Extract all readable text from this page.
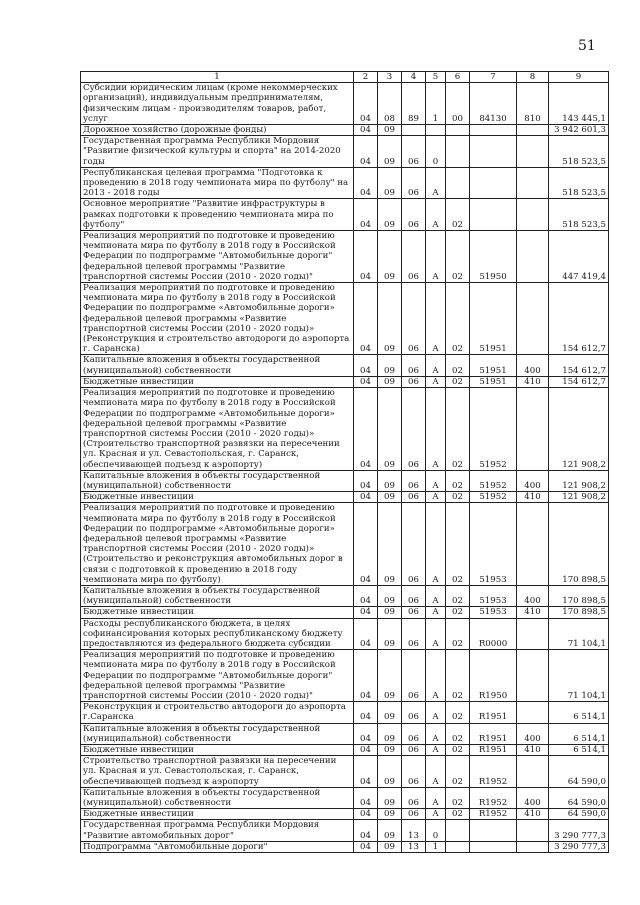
51
1	2	3	4	5	6	7	8	9
Субсидии юридическим лицам (кроме некоммерческих организаций), индивидуальным предпринимателям, физическим лицам - производителям товаров, работ, услуг	04	08	89	1	00	84130	810	143 445,1
Дорожное хозяйство (дорожные фонды)	04	09						3 942 601,3
Государственная программа Республики Мордовия "Развитие физической культуры и спорта" на 2014-2020 годы	04	09	06	0				518 523,5
Республиканская целевая программа "Подготовка к проведению в 2018 году чемпионата мира по футболу" на 2013 - 2018 годы	04	09	06	А				518 523,5
Основное мероприятие "Развитие инфраструктуры в рамках подготовки к проведению чемпионата мира по футболу"	04	09	06	А	02			518 523,5
Реализация мероприятий по подготовке и проведению чемпионата мира по футболу в 2018 году в Российской Федерации по подпрограмме "Автомобильные дороги" федеральной целевой программы "Развитие транспортной системы России (2010 - 2020 годы)"	04	09	06	А	02	51950		447 419,4
Реализация мероприятий по подготовке и проведению чемпионата мира по футболу в 2018 году в Российской Федерации по подпрограмме «Автомобильные дороги» федеральной целевой программы «Развитие транспортной системы России (2010 - 2020 годы)» (Реконструкция и строительство автодороги до аэропорта г. Саранска)	04	09	06	А	02	51951		154 612,7
Капитальные вложения в объекты государственной (муниципальной) собственности	04	09	06	А	02	51951	400	154 612,7
Бюджетные инвестиции	04	09	06	А	02	51951	410	154 612,7
Реализация мероприятий по подготовке и проведению чемпионата мира по футболу в 2018 году в Российской Федерации по подпрограмме «Автомобильные дороги» федеральной целевой программы «Развитие транспортной системы России (2010 - 2020 годы)» (Строительство транспортной развязки на пересечении ул. Красная и ул. Севастопольская, г. Саранск, обеспечивающей подъезд к аэропорту)	04	09	06	А	02	51952		121 908,2
Капитальные вложения в объекты государственной (муниципальной) собственности	04	09	06	А	02	51952	400	121 908,2
Бюджетные инвестиции	04	09	06	А	02	51952	410	121 908,2
Реализация мероприятий по подготовке и проведению чемпионата мира по футболу в 2018 году в Российской Федерации по подпрограмме «Автомобильные дороги» федеральной целевой программы «Развитие транспортной системы России (2010 - 2020 годы)» (Строительство и реконструкция автомобильных дорог в связи с подготовкой к проведению в 2018 году чемпионата мира по футболу)	04	09	06	А	02	51953		170 898,5
Капитальные вложения в объекты государственной (муниципальной) собственности	04	09	06	А	02	51953	400	170 898,5
Бюджетные инвестиции	04	09	06	А	02	51953	410	170 898,5
Расходы республиканского бюджета, в целях софинансирования которых республиканскому бюджету предоставляются из федерального бюджета субсидии	04	09	06	А	02	R0000		71 104,1
Реализация мероприятий по подготовке и проведению чемпионата мира по футболу в 2018 году в Российской Федерации по подпрограмме "Автомобильные дороги" федеральной целевой программы "Развитие транспортной системы России (2010 - 2020 годы)"	04	09	06	А	02	R1950		71 104,1
Реконструкция и строительство автодороги до аэропорта г.Саранска	04	09	06	А	02	R1951		6 514,1
Капитальные вложения в объекты государственной (муниципальной) собственности	04	09	06	А	02	R1951	400	6 514,1
Бюджетные инвестиции	04	09	06	А	02	R1951	410	6 514,1
Строительство транспортной развязки на пересечении ул. Красная и ул. Севастопольская, г. Саранск, обеспечивающей подъезд к аэропорту	04	09	06	А	02	R1952		64 590,0
Капитальные вложения в объекты государственной (муниципальной) собственности	04	09	06	А	02	R1952	400	64 590,0
Бюджетные инвестиции	04	09	06	А	02	R1952	410	64 590,0
Государственная программа Республики Мордовия "Развитие автомобильных дорог"	04	09	13	0				3 290 777,3
Подпрограмма "Автомобильные дороги"	04	09	13	1				3 290 777,3
